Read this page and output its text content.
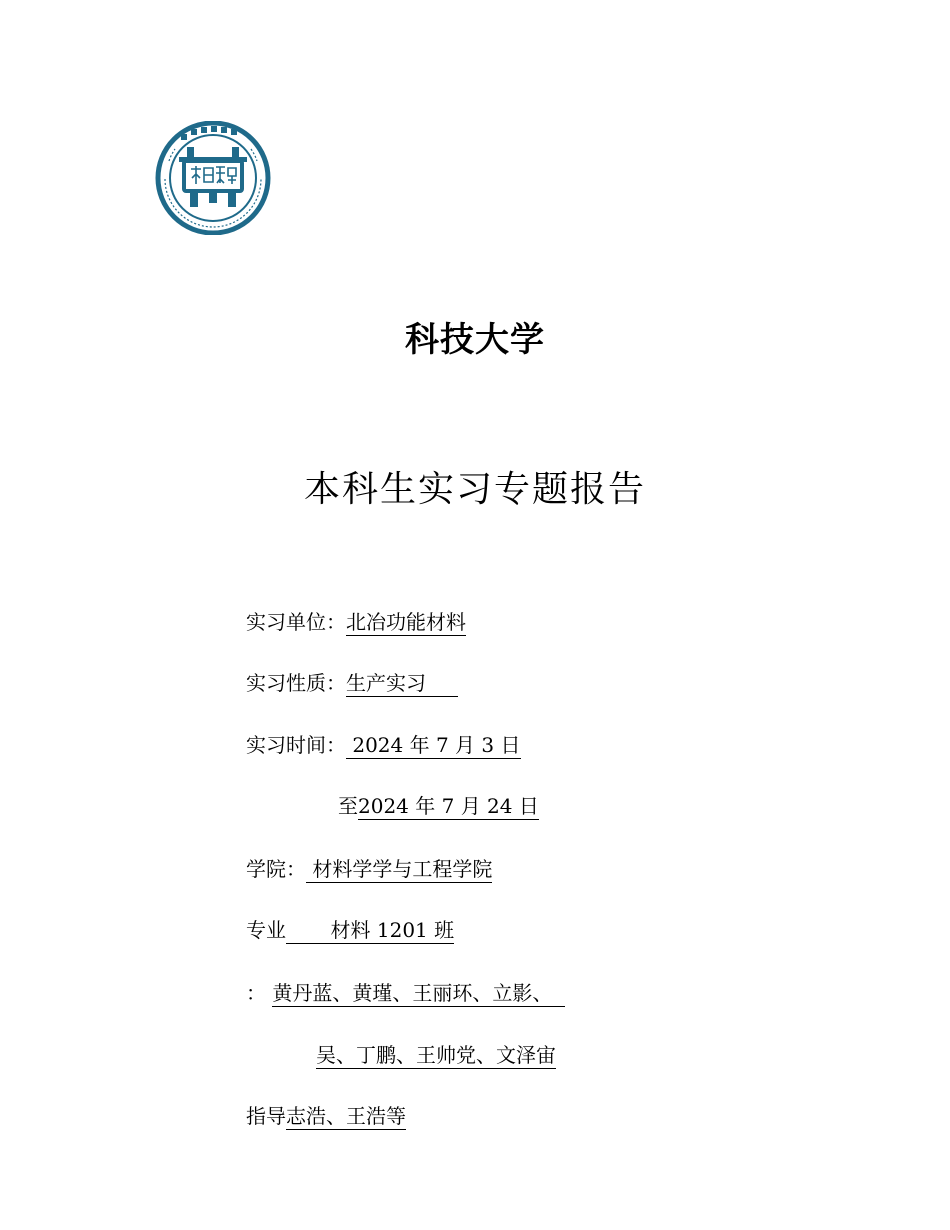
科技大学
本科生实习专题报告
实习单位：北冶功能材料
实习性质：生产实习
实习时间： 2024 年 7 月 3 日
至2024 年 7 月 24 日
学院： 材料学学与工程学院
专业 材料 1201 班
： 黄丹蓝、黄瑾、王丽环、立影、
吴、丁鹏、王帅党、文泽宙
指导志浩、王浩等
